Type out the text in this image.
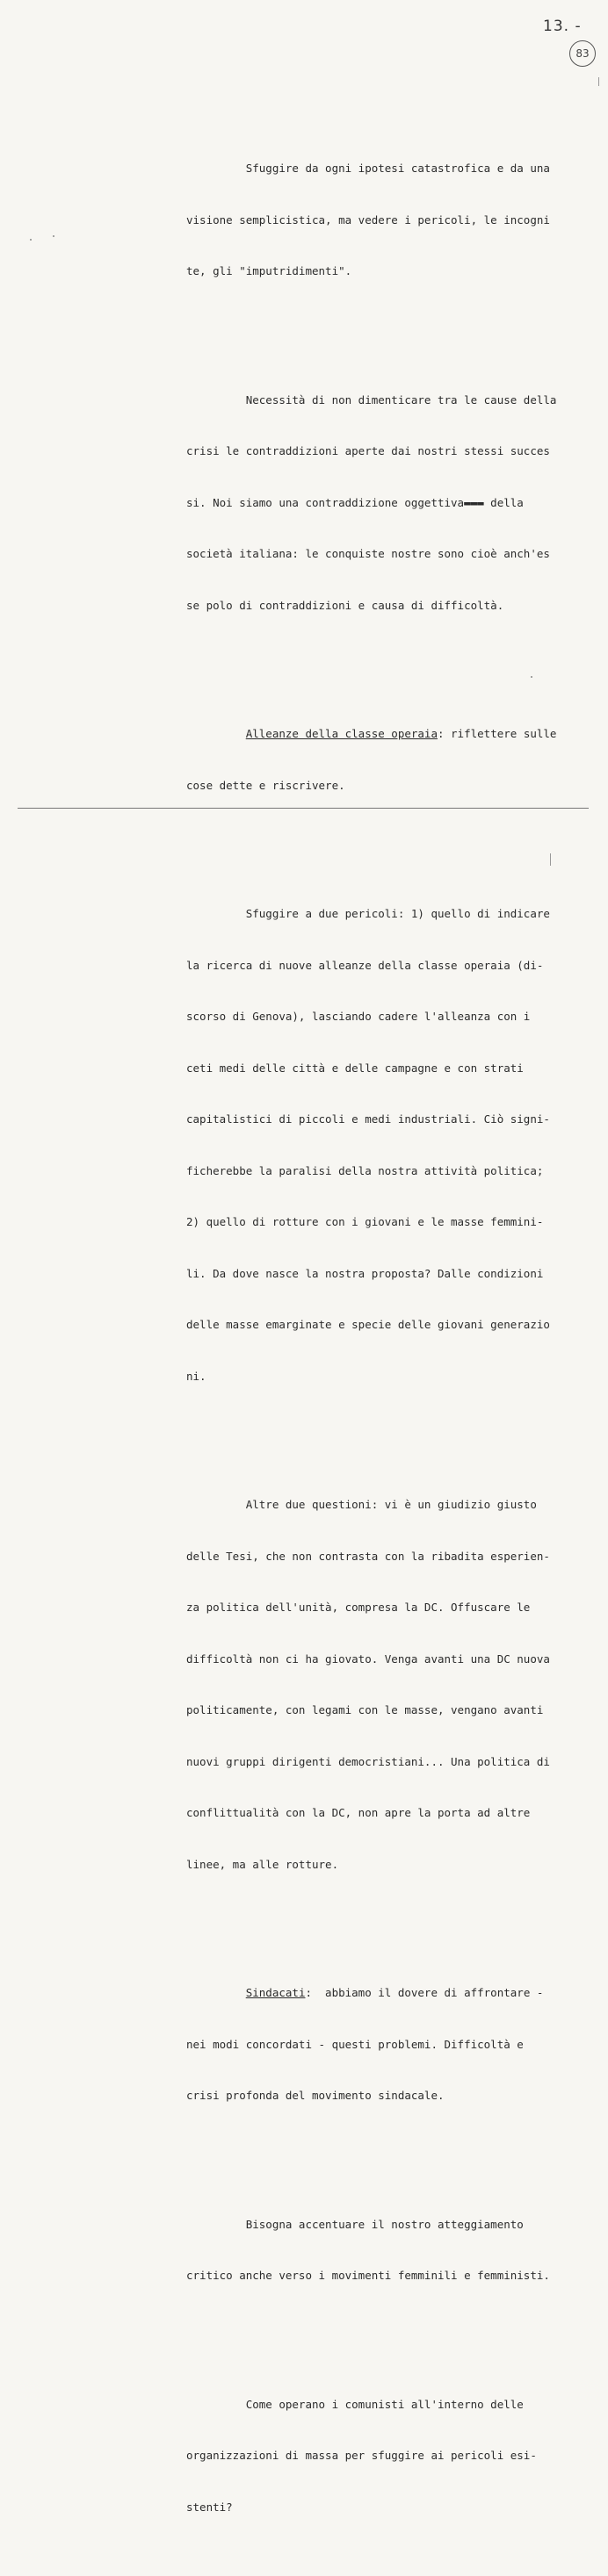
13. -
83

Sfuggire da ogni ipotesi catastrofica e da una

visione semplicistica, ma vedere i pericoli, le incogni

te, gli "imputridimenti".

Necessità di non dimenticare tra le cause della

crisi le contraddizioni aperte dai nostri stessi succes

si. Noi siamo una contraddizione oggettiva▬▬▬ della

società italiana: le conquiste nostre sono cioè anch'es

se polo di contraddizioni e causa di difficoltà.

Alleanze della classe operaia: riflettere sulle

cose dette e riscrivere.

Sfuggire a due pericoli: 1) quello di indicare

la ricerca di nuove alleanze della classe operaia (di-

scorso di Genova), lasciando cadere l'alleanza con i

ceti medi delle città e delle campagne e con strati

capitalistici di piccoli e medi industriali. Ciò signi-

ficherebbe la paralisi della nostra attività politica;

2) quello di rotture con i giovani e le masse femmini-

li. Da dove nasce la nostra proposta? Dalle condizioni

delle masse emarginate e specie delle giovani generazio

ni.

Altre due questioni: vi è un giudizio giusto

delle Tesi, che non contrasta con la ribadita esperien-

za politica dell'unità, compresa la DC. Offuscare le

difficoltà non ci ha giovato. Venga avanti una DC nuova

politicamente, con legami con le masse, vengano avanti

nuovi gruppi dirigenti democristiani... Una politica di

conflittualità con la DC, non apre la porta ad altre

linee, ma alle rotture.

Sindacati:  abbiamo il dovere di affrontare -

nei modi concordati - questi problemi. Difficoltà e

crisi profonda del movimento sindacale.

Bisogna accentuare il nostro atteggiamento

critico anche verso i movimenti femminili e femministi.

Come operano i comunisti all'interno delle

organizzazioni di massa per sfuggire ai pericoli esi-

stenti?
